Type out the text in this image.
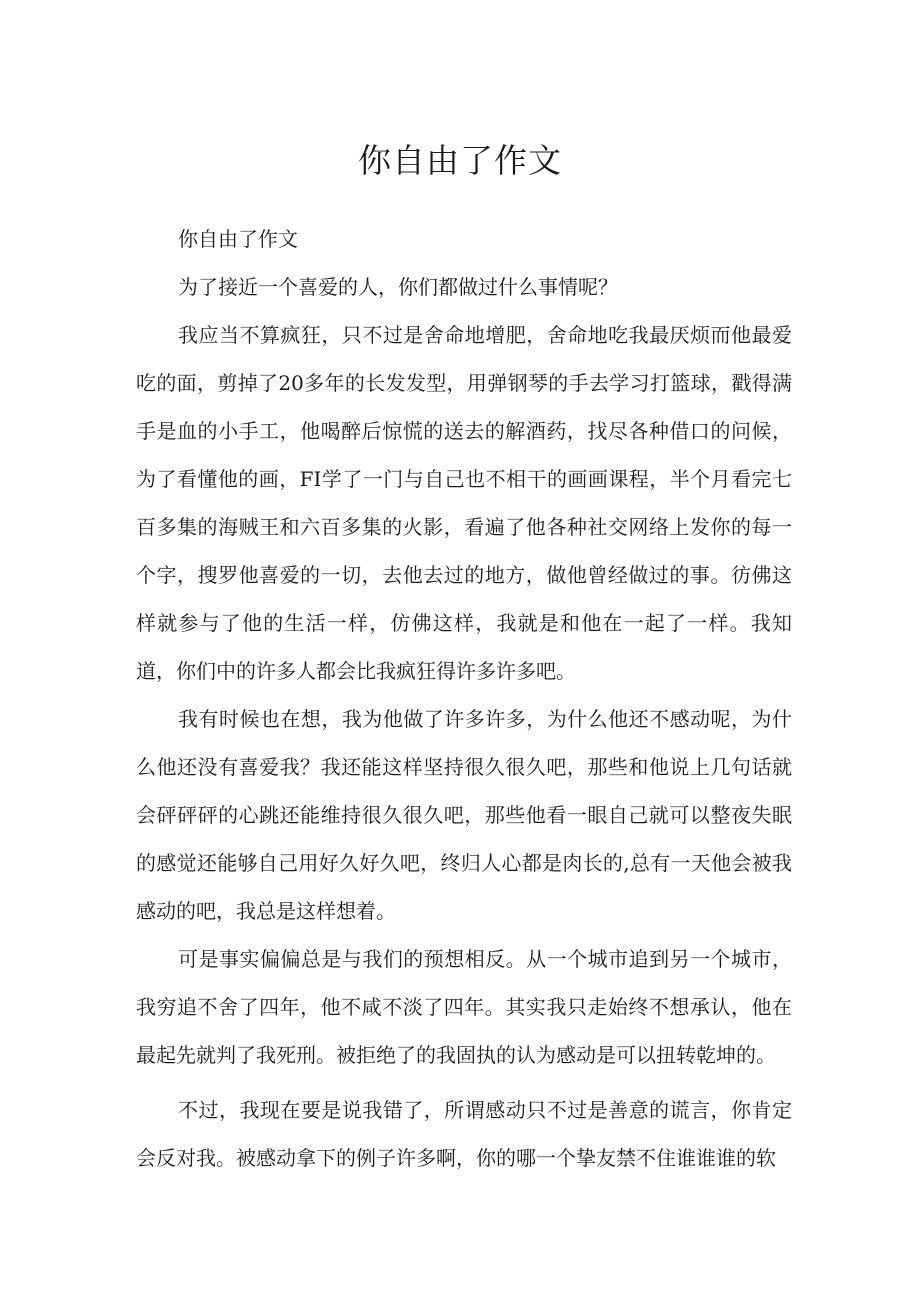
你自由了作文

你自由了作文

为了接近一个喜爱的人，你们都做过什么事情呢？

我应当不算疯狂，只不过是舍命地增肥，舍命地吃我最厌烦而他最爱吃的面，剪掉了20多年的长发发型，用弹钢琴的手去学习打篮球，戳得满手是血的小手工，他喝醉后惊慌的送去的解酒药，找尽各种借口的问候，为了看懂他的画，FI学了一门与自己也不相干的画画课程，半个月看完七百多集的海贼王和六百多集的火影，看遍了他各种社交网络上发你的每一个字，搜罗他喜爱的一切，去他去过的地方，做他曾经做过的事。彷佛这样就参与了他的生活一样，仿佛这样，我就是和他在一起了一样。我知道，你们中的许多人都会比我疯狂得许多许多吧。

我有时候也在想，我为他做了许多许多，为什么他还不感动呢，为什么他还没有喜爱我？我还能这样坚持很久很久吧，那些和他说上几句话就会砰砰砰的心跳还能维持很久很久吧，那些他看一眼自己就可以整夜失眠的感觉还能够自己用好久好久吧，终归人心都是肉长的,总有一天他会被我感动的吧，我总是这样想着。

可是事实偏偏总是与我们的预想相反。从一个城市追到另一个城市，我穷追不舍了四年，他不咸不淡了四年。其实我只走始终不想承认，他在最起先就判了我死刑。被拒绝了的我固执的认为感动是可以扭转乾坤的。

不过，我现在要是说我错了，所谓感动只不过是善意的谎言，你肯定会反对我。被感动拿下的例子许多啊，你的哪一个挚友禁不住谁谁谁的软
